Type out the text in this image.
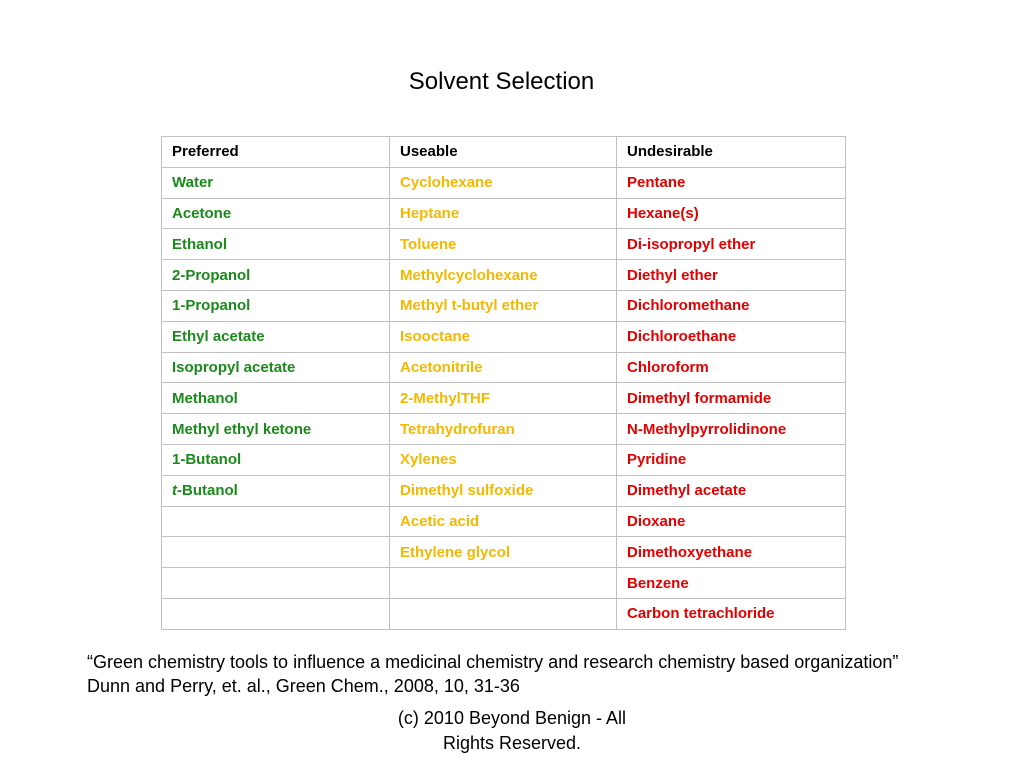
Solvent Selection
Preferred	Useable	Undesirable
Water	Cyclohexane	Pentane
Acetone	Heptane	Hexane(s)
Ethanol	Toluene	Di-isopropyl ether
2-Propanol	Methylcyclohexane	Diethyl ether
1-Propanol	Methyl t-butyl ether	Dichloromethane
Ethyl acetate	Isooctane	Dichloroethane
Isopropyl acetate	Acetonitrile	Chloroform
Methanol	2-MethylTHF	Dimethyl formamide
Methyl ethyl ketone	Tetrahydrofuran	N-Methylpyrrolidinone
1-Butanol	Xylenes	Pyridine
t-Butanol	Dimethyl sulfoxide	Dimethyl acetate
	Acetic acid	Dioxane
	Ethylene glycol	Dimethoxyethane
		Benzene
		Carbon tetrachloride
“Green chemistry tools to influence a medicinal chemistry and research chemistry based organization”
Dunn and Perry, et. al., Green Chem., 2008, 10, 31-36
(c) 2010 Beyond Benign - All
Rights Reserved.
